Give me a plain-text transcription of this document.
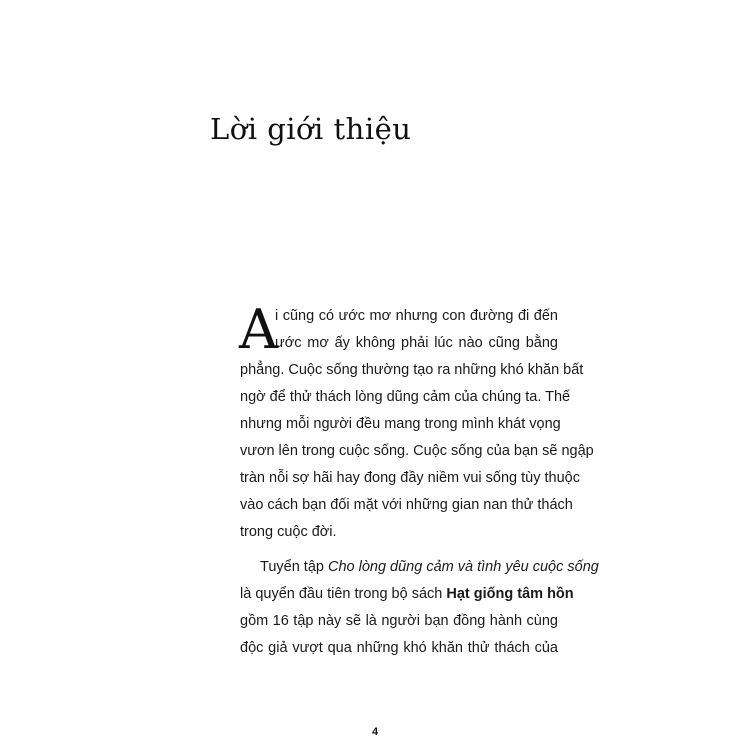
Lời giới thiệu
A
i cũng có ước mơ nhưng con đường đi đến
ước mơ ấy không phải lúc nào cũng bằng
phẳng. Cuộc sống thường tạo ra những khó khăn bất
ngờ để thử thách lòng dũng cảm của chúng ta. Thế
nhưng mỗi người đều mang trong mình khát vọng
vươn lên trong cuộc sống. Cuộc sống của bạn sẽ ngập
tràn nỗi sợ hãi hay đong đầy niềm vui sống tùy thuộc
vào cách bạn đối mặt với những gian nan thử thách
trong cuộc đời.
Tuyển tập Cho lòng dũng cảm và tình yêu cuộc sống
là quyển đầu tiên trong bộ sách Hạt giống tâm hồn
gồm 16 tập này sẽ là người bạn đồng hành cùng
độc giả vượt qua những khó khăn thử thách của
4
